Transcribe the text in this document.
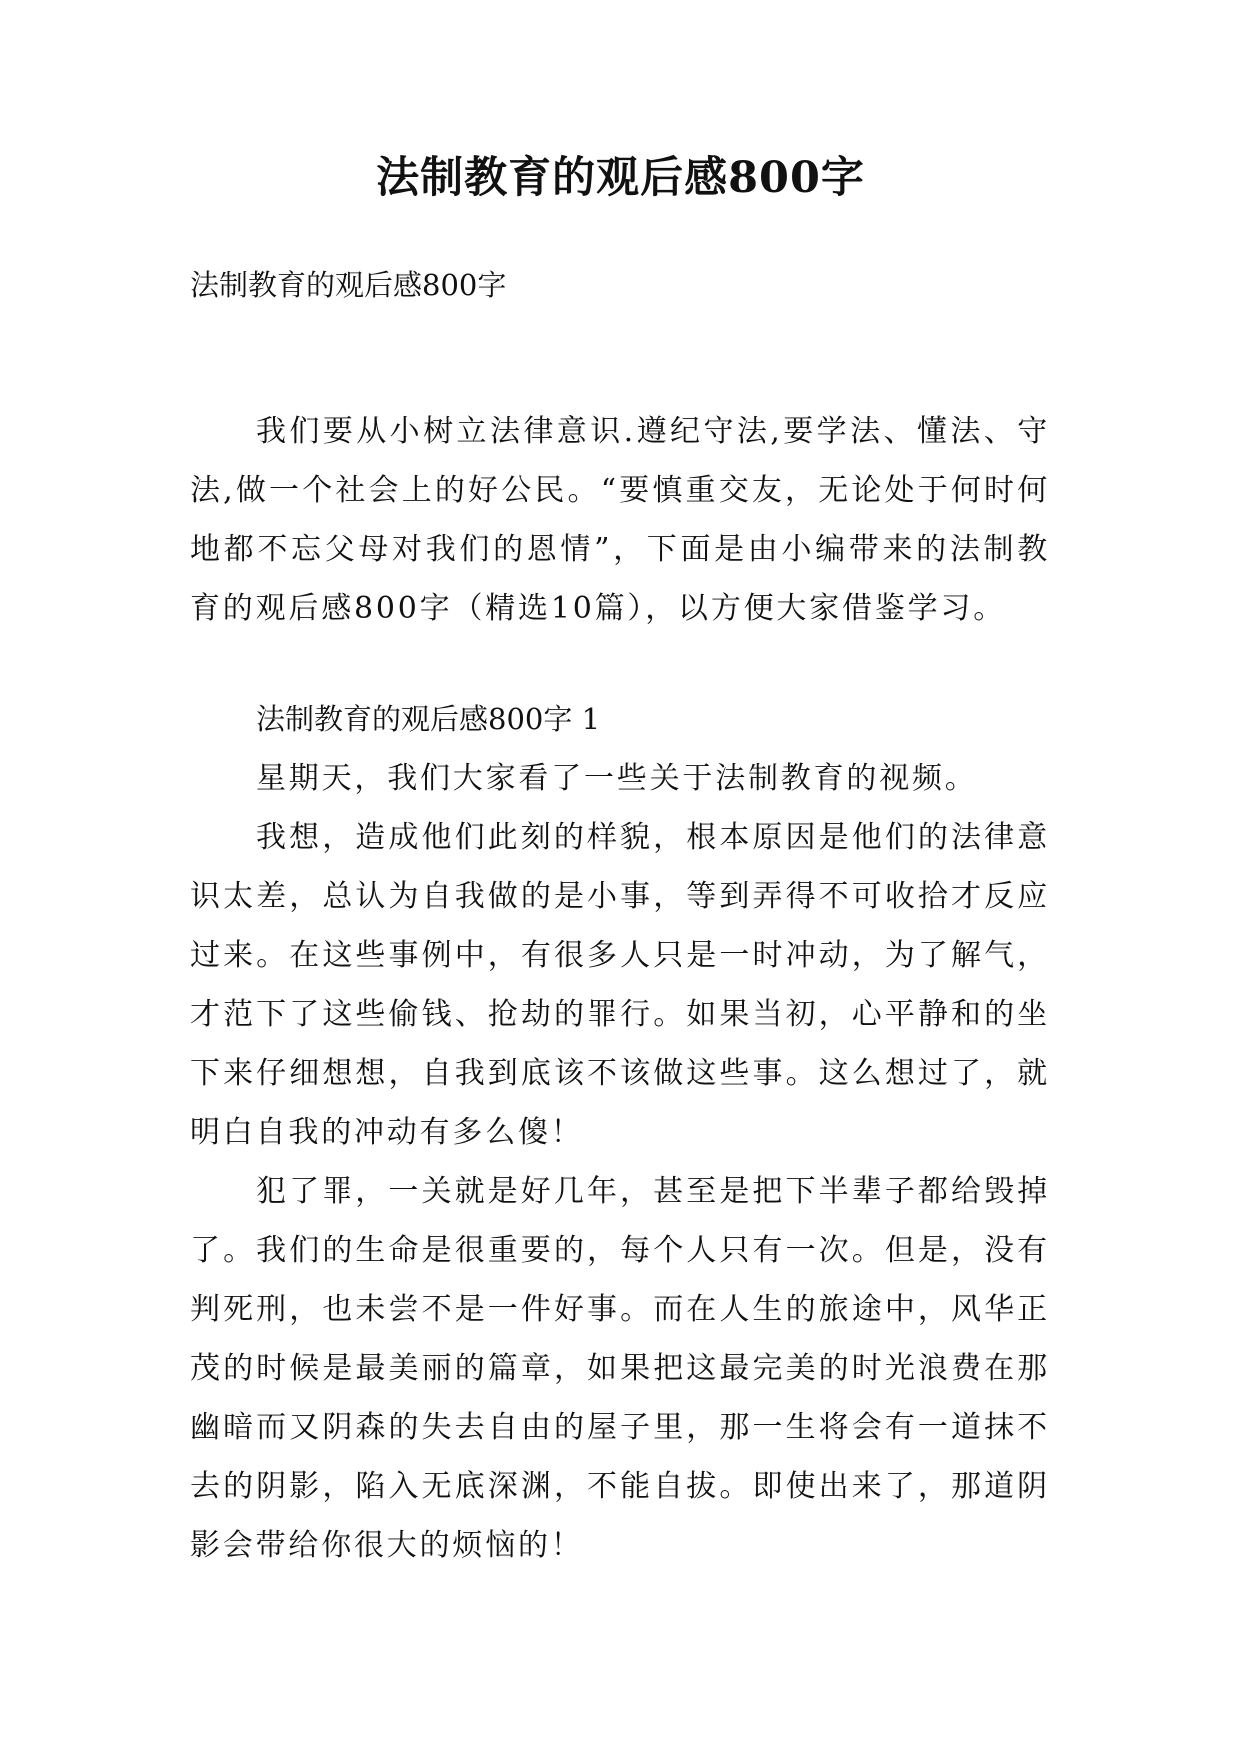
法制教育的观后感800字

法制教育的观后感800字

我们要从小树立法律意识.遵纪守法,要学法、懂法、守法,做一个社会上的好公民。“要慎重交友，无论处于何时何地都不忘父母对我们的恩情”，下面是由小编带来的法制教育的观后感800字（精选10篇），以方便大家借鉴学习。

法制教育的观后感800字 1

星期天，我们大家看了一些关于法制教育的视频。

我想，造成他们此刻的样貌，根本原因是他们的法律意识太差，总认为自我做的是小事，等到弄得不可收拾才反应过来。在这些事例中，有很多人只是一时冲动，为了解气，才范下了这些偷钱、抢劫的罪行。如果当初，心平静和的坐下来仔细想想，自我到底该不该做这些事。这么想过了，就明白自我的冲动有多么傻！

犯了罪，一关就是好几年，甚至是把下半辈子都给毁掉了。我们的生命是很重要的，每个人只有一次。但是，没有判死刑，也未尝不是一件好事。而在人生的旅途中，风华正茂的时候是最美丽的篇章，如果把这最完美的时光浪费在那幽暗而又阴森的失去自由的屋子里，那一生将会有一道抹不去的阴影，陷入无底深渊，不能自拔。即使出来了，那道阴影会带给你很大的烦恼的！
